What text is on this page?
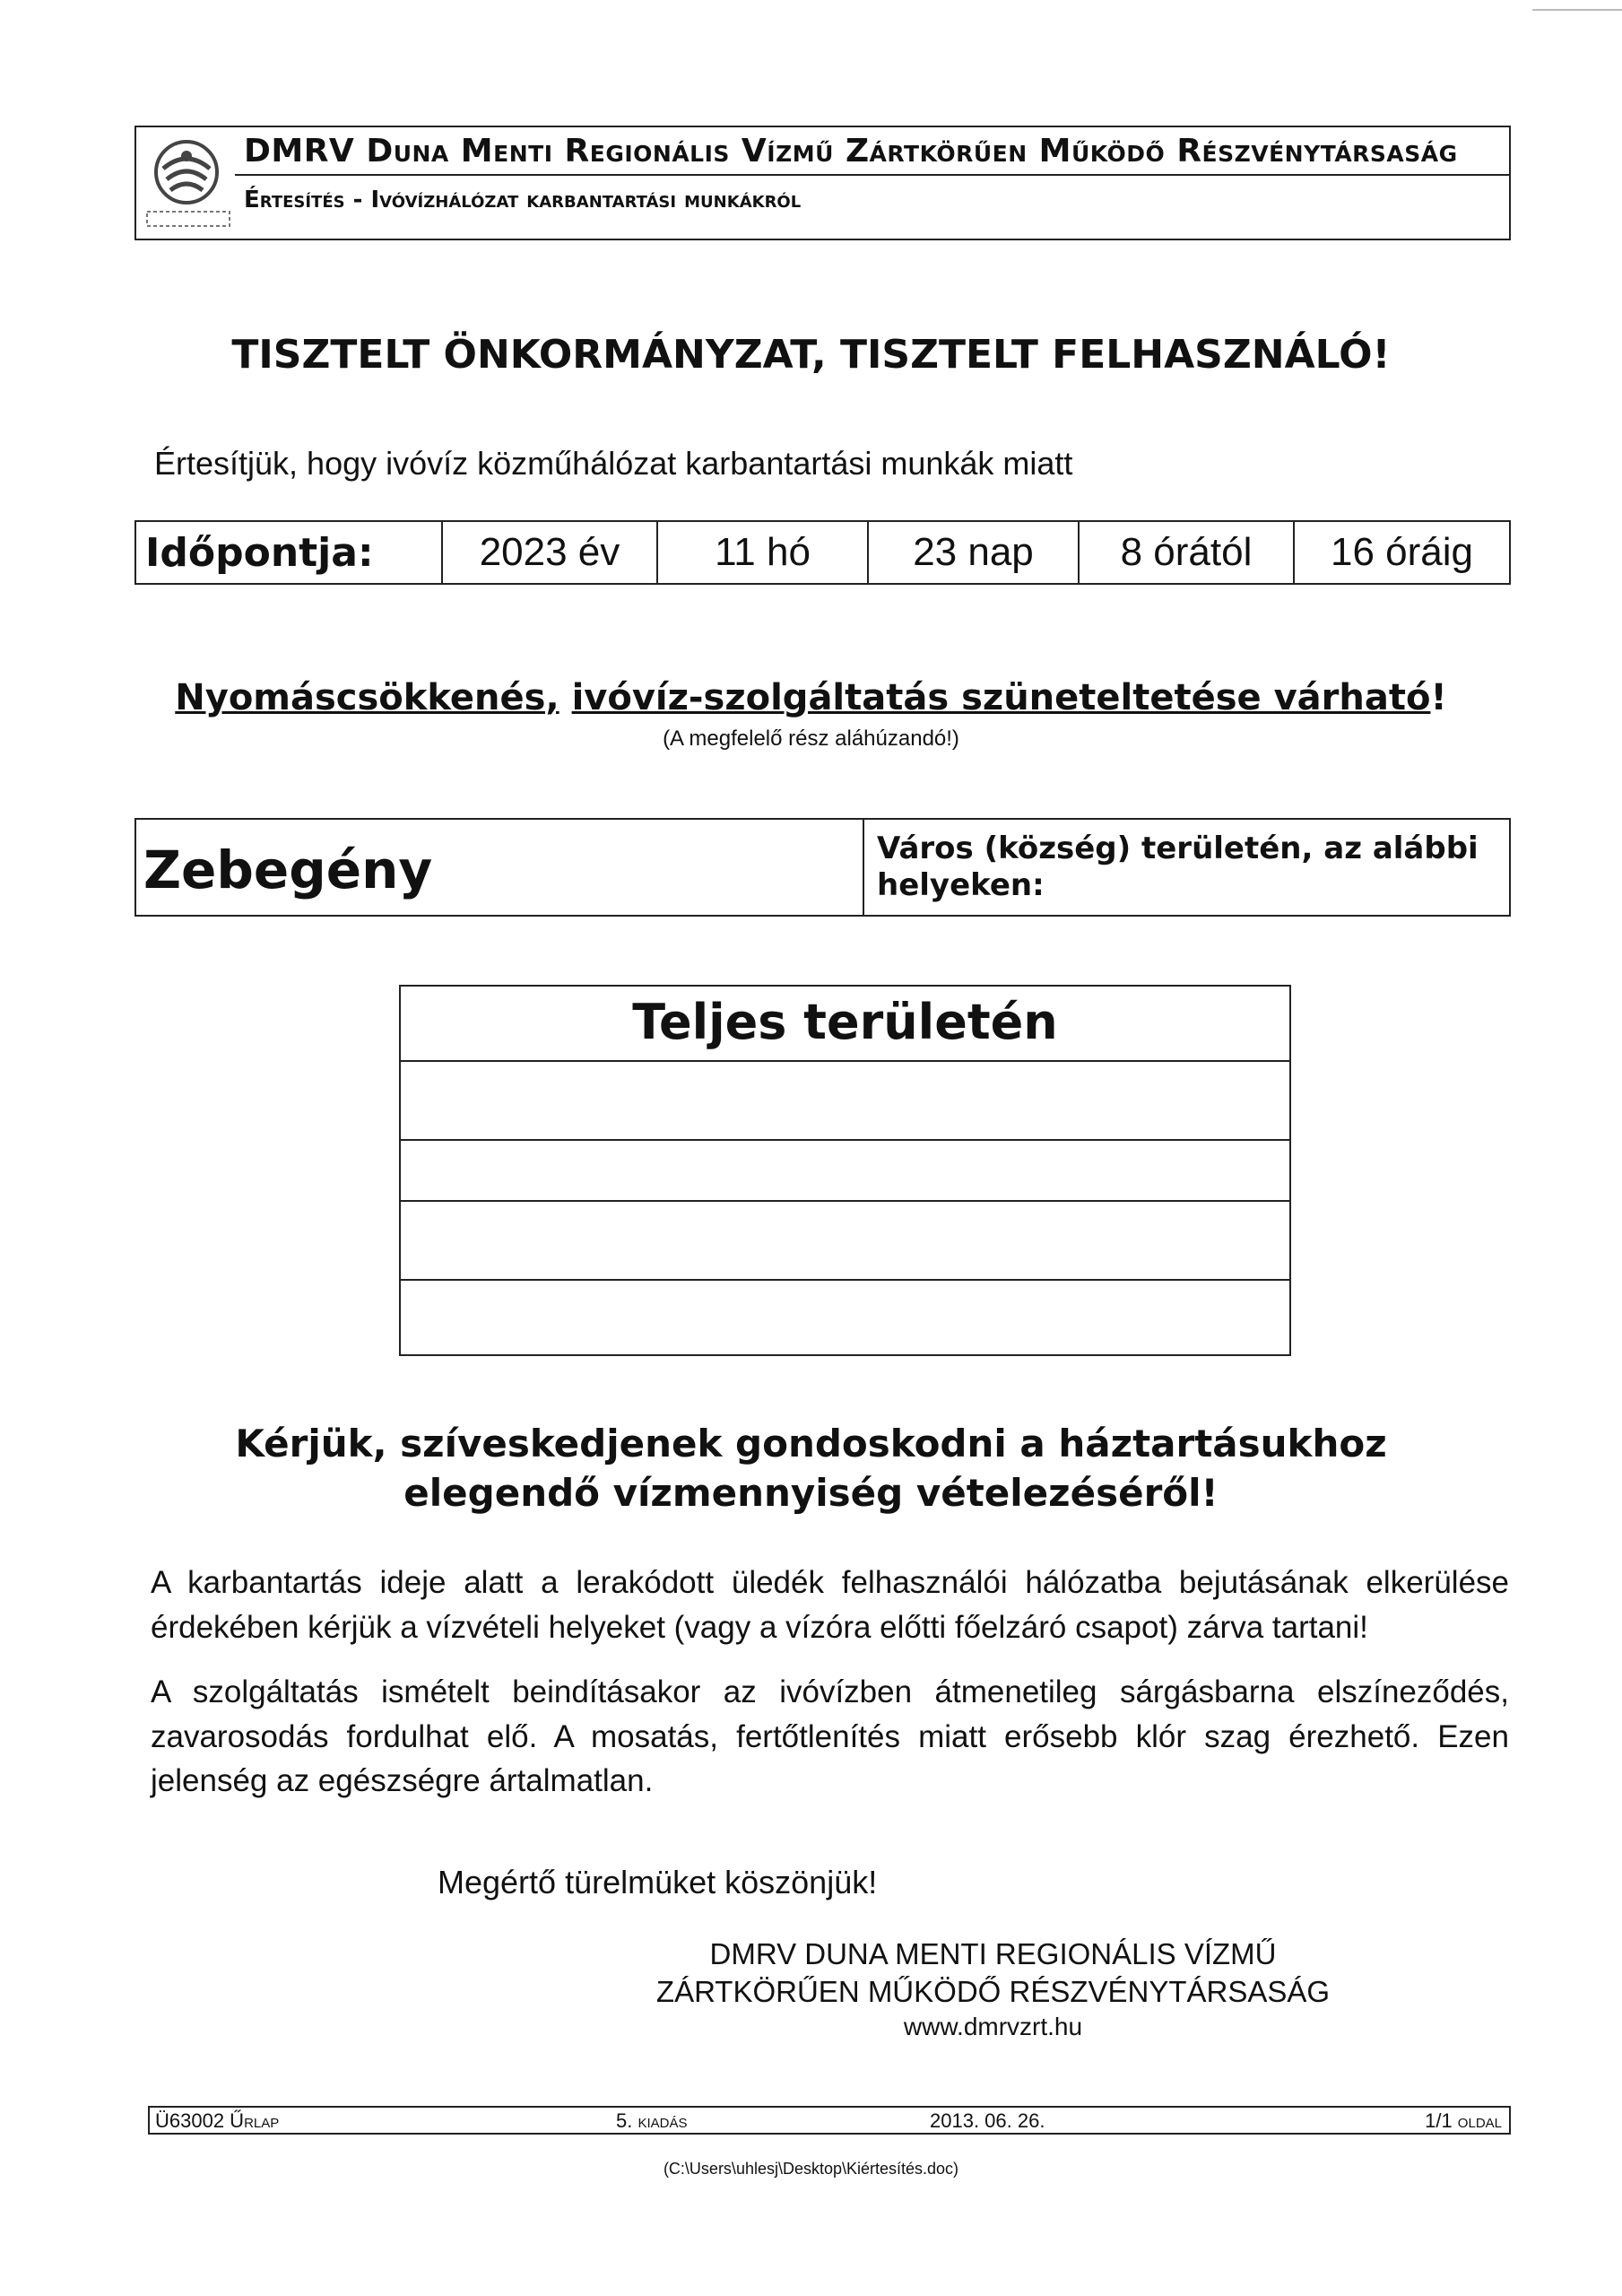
DMRV Duna Menti Regionális Vízmű Zártkörűen Működő Részvénytársaság
Értesítés - Ivóvízhálózat karbantartási munkákról
TISZTELT ÖNKORMÁNYZAT, TISZTELT FELHASZNÁLÓ!
Értesítjük, hogy ivóvíz közműhálózat karbantartási munkák miatt
Időpontja:	2023 év	11 hó	23 nap	8 órától	16 óráig
Nyomáscsökkenés, ivóvíz-szolgáltatás szüneteltetése várható!
(A megfelelő rész aláhúzandó!)
Zebegény	Város (község) területén, az alábbi helyeken:
Teljes területén
Kérjük, szíveskedjenek gondoskodni a háztartásukhoz
elegendő vízmennyiség vételezéséről!
A karbantartás ideje alatt a lerakódott üledék felhasználói hálózatba bejutásának elkerülése érdekében kérjük a vízvételi helyeket (vagy a vízóra előtti főelzáró csapot) zárva tartani!
A szolgáltatás ismételt beindításakor az ivóvízben átmenetileg sárgásbarna elszíneződés, zavarosodás fordulhat elő. A mosatás, fertőtlenítés miatt erősebb klór szag érezhető. Ezen jelenség az egészségre ártalmatlan.
Megértő türelmüket köszönjük!
DMRV DUNA MENTI REGIONÁLIS VÍZMŰ
ZÁRTKÖRŰEN MŰKÖDŐ RÉSZVÉNYTÁRSASÁG
www.dmrvzrt.hu
Ü63002 Űrlap	5. kiadás	2013. 06. 26.	1/1 oldal
(C:\Users\uhlesj\Desktop\Kiértesítés.doc)
